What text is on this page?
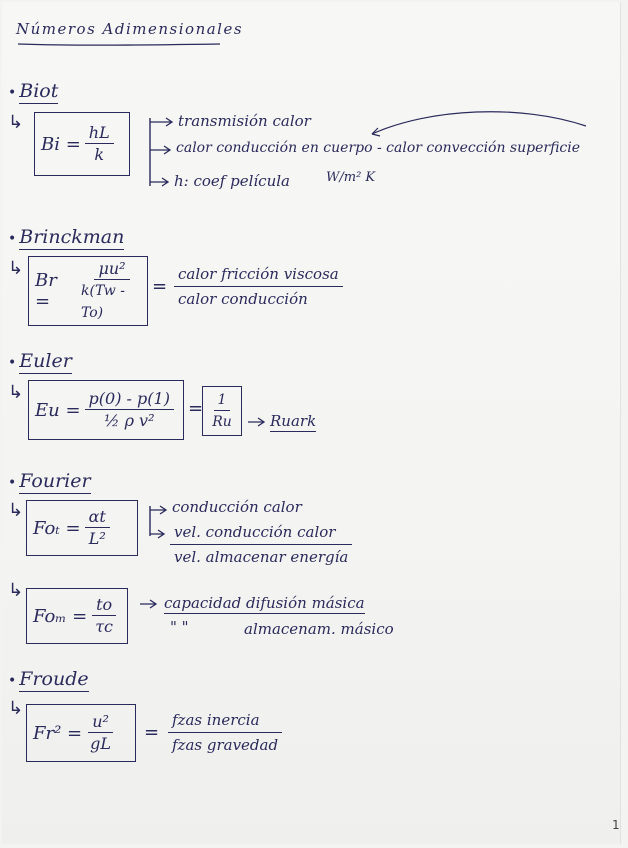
Números Adimensionales
• Biot
↳
$Bi = \frac{hL}{k}$
transmisión calor
calor conducción en cuerpo - calor convección superficie
h: coef película	W/m² K
• Brinckman
↳
Br =	$\frac{\text{μu²}}{k(Tw - To)}$ =
calor fricción viscosa
calor conducción
• Euler
↳
$Eu = \frac{p(0) - p(1)}{\text{½ ρ v²}} = \frac{1}{Ru}$ Ruark
• Fourier
↳
$Fo_t = \frac{\alpha t}{\text{L²}}$	conducción calor
vel. conducción calor
vel. almacenar energía
↳
$Fo_m = \frac{to}{\tau c}$	capacidad difusión másica
" "	almacenam. másico
• Froude
↳
$Fr^2 = \frac{\text{u²}}{gL}$ =
fzas inercia
fzas gravedad
1
